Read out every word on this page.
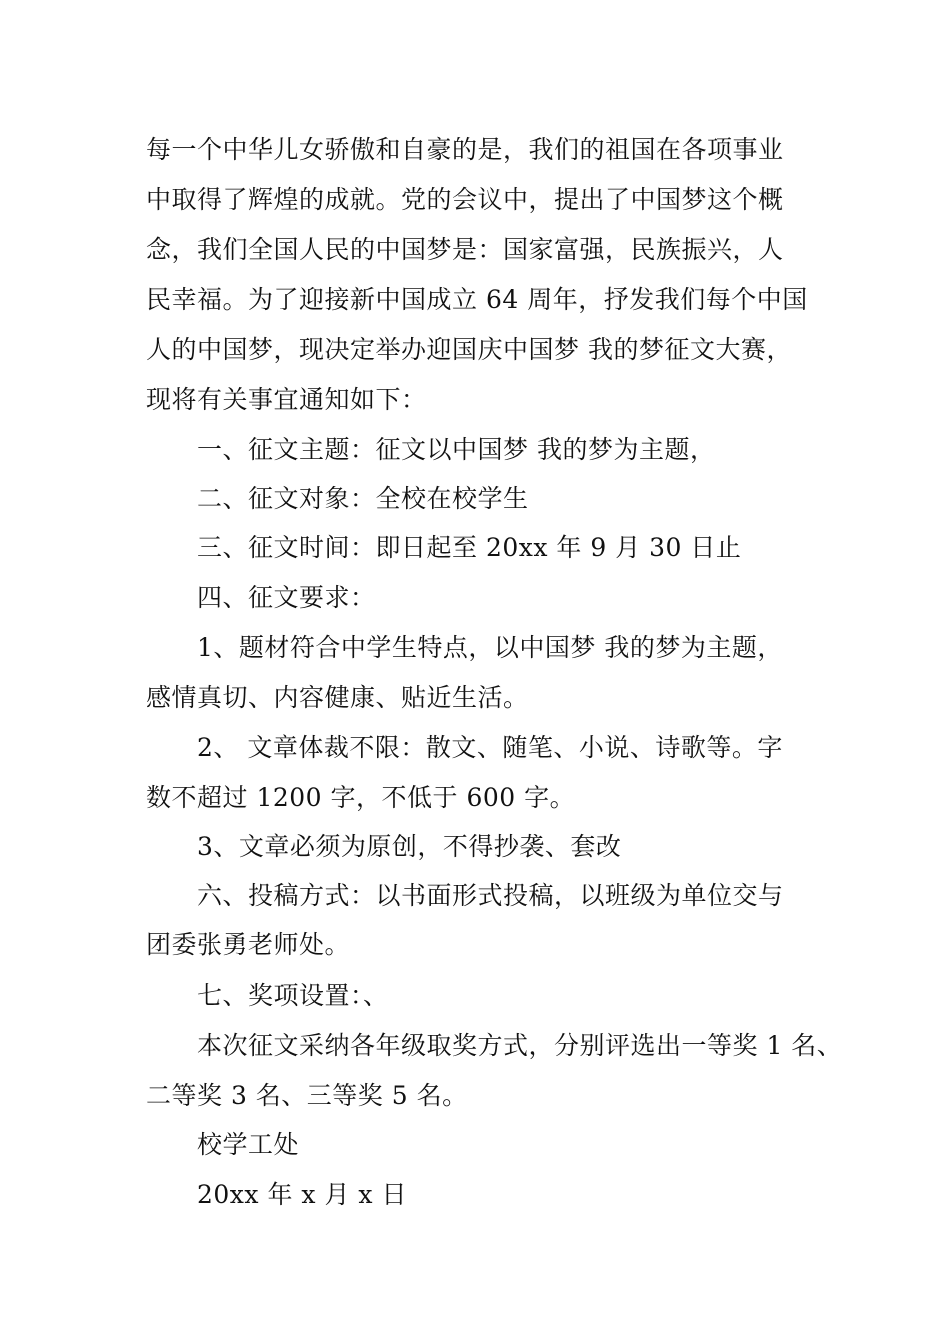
每一个中华儿女骄傲和自豪的是，我们的祖国在各项事业
中取得了辉煌的成就。党的会议中，提出了中国梦这个概
念，我们全国人民的中国梦是：国家富强，民族振兴，人
民幸福。为了迎接新中国成立 64 周年，抒发我们每个中国
人的中国梦，现决定举办迎国庆中国梦 我的梦征文大赛，
现将有关事宜通知如下：
一、征文主题：征文以中国梦 我的梦为主题，
二、征文对象：全校在校学生
三、征文时间：即日起至 20xx 年 9 月 30 日止
四、征文要求：
1、题材符合中学生特点，以中国梦 我的梦为主题，
感情真切、内容健康、贴近生活。
2、 文章体裁不限：散文、随笔、小说、诗歌等。字
数不超过 1200 字，不低于 600 字。
3、文章必须为原创，不得抄袭、套改
六、投稿方式：以书面形式投稿，以班级为单位交与
团委张勇老师处。
七、奖项设置：、
本次征文采纳各年级取奖方式，分别评选出一等奖 1 名、
二等奖 3 名、三等奖 5 名。
校学工处
20xx 年 x 月 x 日
